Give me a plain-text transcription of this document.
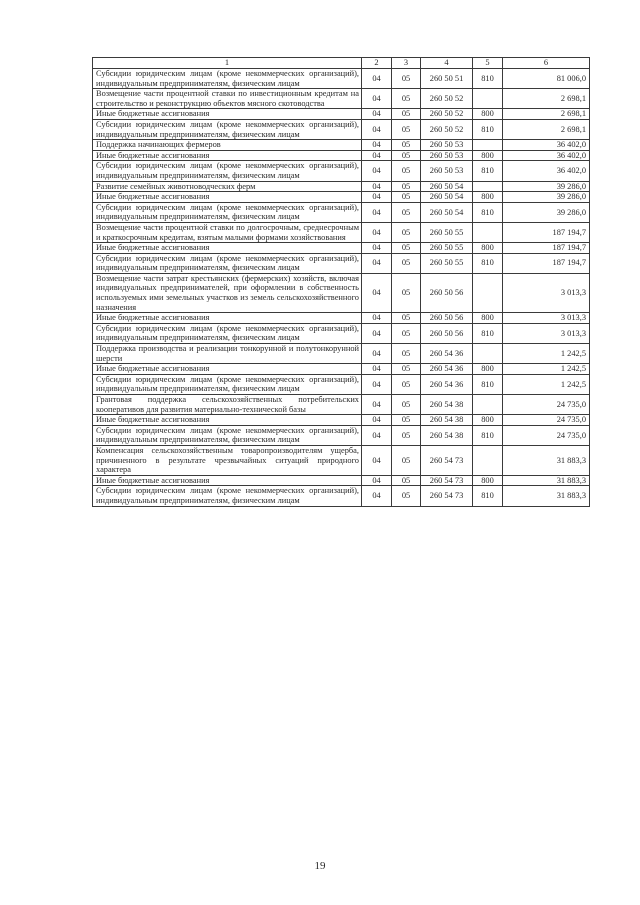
1	2	3	4	5	6
Субсидии юридическим лицам (кроме некоммерческих организаций), индивидуальным предпринимателям, физическим лицам	04	05	260 50 51	810	81 006,0
Возмещение части процентной ставки по инвестиционным кредитам на строительство и реконструкцию объектов мясного скотоводства	04	05	260 50 52		2 698,1
Иные бюджетные ассигнования	04	05	260 50 52	800	2 698,1
Субсидии юридическим лицам (кроме некоммерческих организаций), индивидуальным предпринимателям, физическим лицам	04	05	260 50 52	810	2 698,1
Поддержка начинающих фермеров	04	05	260 50 53		36 402,0
Иные бюджетные ассигнования	04	05	260 50 53	800	36 402,0
Субсидии юридическим лицам (кроме некоммерческих организаций), индивидуальным предпринимателям, физическим лицам	04	05	260 50 53	810	36 402,0
Развитие семейных животноводческих ферм	04	05	260 50 54		39 286,0
Иные бюджетные ассигнования	04	05	260 50 54	800	39 286,0
Субсидии юридическим лицам (кроме некоммерческих организаций), индивидуальным предпринимателям, физическим лицам	04	05	260 50 54	810	39 286,0
Возмещение части процентной ставки по долгосрочным, среднесрочным и краткосрочным кредитам, взятым малыми формами хозяйствования	04	05	260 50 55		187 194,7
Иные бюджетные ассигнования	04	05	260 50 55	800	187 194,7
Субсидии юридическим лицам (кроме некоммерческих организаций), индивидуальным предпринимателям, физическим лицам	04	05	260 50 55	810	187 194,7
Возмещение части затрат крестьянских (фермерских) хозяйств, включая индивидуальных предпринимателей, при оформлении в собственность используемых ими земельных участков из земель сельскохозяйственного назначения	04	05	260 50 56		3 013,3
Иные бюджетные ассигнования	04	05	260 50 56	800	3 013,3
Субсидии юридическим лицам (кроме некоммерческих организаций), индивидуальным предпринимателям, физическим лицам	04	05	260 50 56	810	3 013,3
Поддержка производства и реализации тонкорунной и полутонкорунной шерсти	04	05	260 54 36		1 242,5
Иные бюджетные ассигнования	04	05	260 54 36	800	1 242,5
Субсидии юридическим лицам (кроме некоммерческих организаций), индивидуальным предпринимателям, физическим лицам	04	05	260 54 36	810	1 242,5
Грантовая поддержка сельскохозяйственных потребительских кооперативов для развития материально-технической базы	04	05	260 54 38		24 735,0
Иные бюджетные ассигнования	04	05	260 54 38	800	24 735,0
Субсидии юридическим лицам (кроме некоммерческих организаций), индивидуальным предпринимателям, физическим лицам	04	05	260 54 38	810	24 735,0
Компенсация сельскохозяйственным товаропроизводителям ущерба, причиненного в результате чрезвычайных ситуаций природного характера	04	05	260 54 73		31 883,3
Иные бюджетные ассигнования	04	05	260 54 73	800	31 883,3
Субсидии юридическим лицам (кроме некоммерческих организаций), индивидуальным предпринимателям, физическим лицам	04	05	260 54 73	810	31 883,3
19
